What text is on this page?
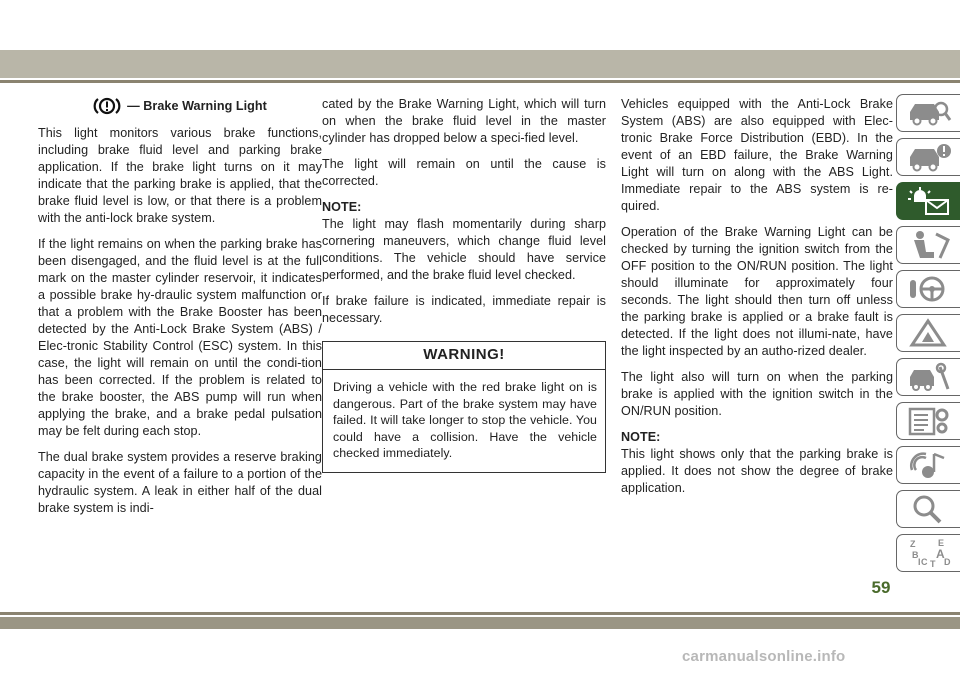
— Brake Warning Light

This light monitors various brake functions, including brake fluid level and parking brake application. If the brake light turns on it may indicate that the parking brake is applied, that the brake fluid level is low, or that there is a problem with the anti-lock brake system.

If the light remains on when the parking brake has been disengaged, and the fluid level is at the full mark on the master cylinder reservoir, it indicates a possible brake hy-draulic system malfunction or that a problem with the Brake Booster has been detected by the Anti-Lock Brake System (ABS) / Elec-tronic Stability Control (ESC) system. In this case, the light will remain on until the condi-tion has been corrected. If the problem is related to the brake booster, the ABS pump will run when applying the brake, and a brake pedal pulsation may be felt during each stop.

The dual brake system provides a reserve braking capacity in the event of a failure to a portion of the hydraulic system. A leak in either half of the dual brake system is indi-

cated by the Brake Warning Light, which will turn on when the brake fluid level in the master cylinder has dropped below a speci-fied level.

The light will remain on until the cause is corrected.

NOTE:

The light may flash momentarily during sharp cornering maneuvers, which change fluid level conditions. The vehicle should have service performed, and the brake fluid level checked.

If brake failure is indicated, immediate repair is necessary.

WARNING!
Driving a vehicle with the red brake light on is dangerous. Part of the brake system may have failed. It will take longer to stop the vehicle. You could have a collision. Have the vehicle checked immediately.

Vehicles equipped with the Anti-Lock Brake System (ABS) are also equipped with Elec-tronic Brake Force Distribution (EBD). In the event of an EBD failure, the Brake Warning Light will turn on along with the ABS Light. Immediate repair to the ABS system is re-quired.

Operation of the Brake Warning Light can be checked by turning the ignition switch from the OFF position to the ON/RUN position. The light should illuminate for approximately four seconds. The light should then turn off unless the parking brake is applied or a brake fault is detected. If the light does not illumi-nate, have the light inspected by an autho-rized dealer.

The light also will turn on when the parking brake is applied with the ignition switch in the ON/RUN position.

NOTE:

This light shows only that the parking brake is applied. It does not show the degree of brake application.

Z	E
B A
D
C
I T
59
carmanualsonline.info
